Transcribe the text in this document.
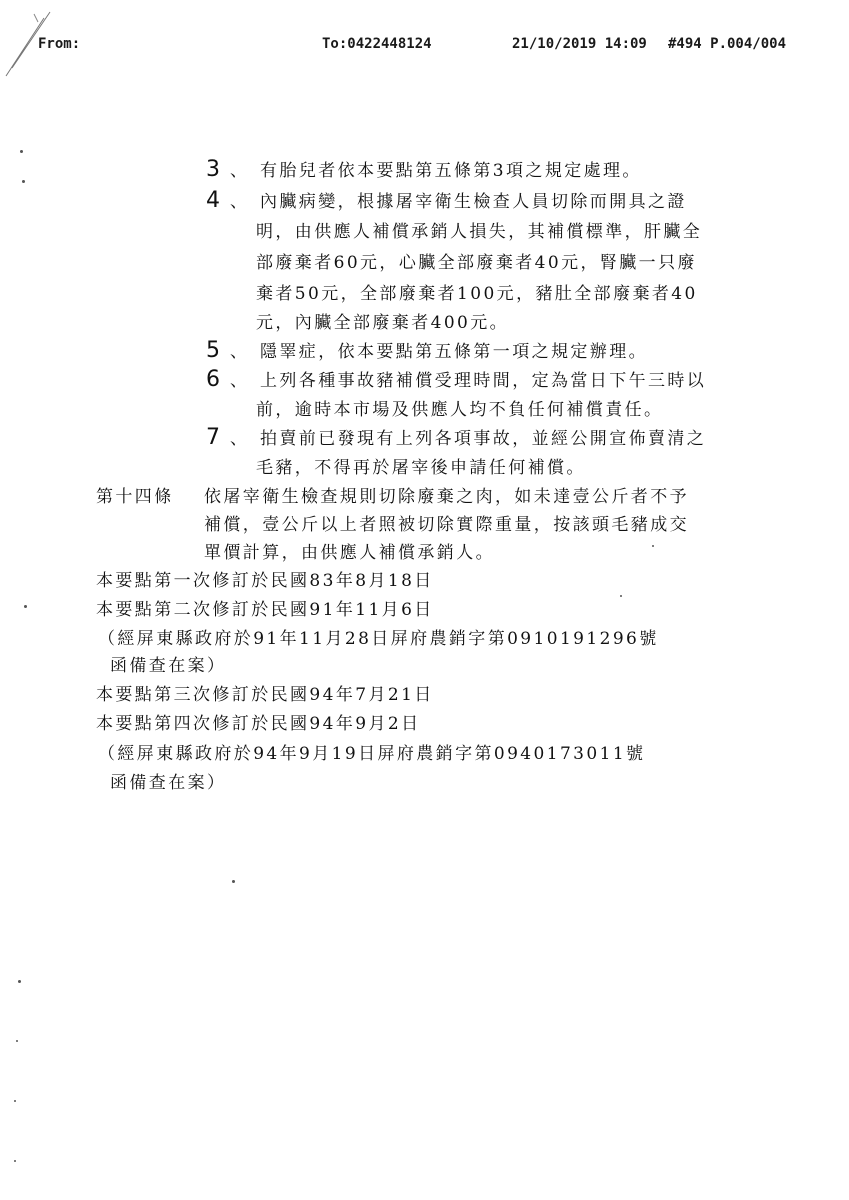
From:	To:0422448124	21/10/2019 14:09 #494 P.004/004
3 、 有胎兒者依本要點第五條第3項之規定處理。
4 、 內臟病變，根據屠宰衛生檢查人員切除而開具之證
明，由供應人補償承銷人損失，其補償標準，肝臟全
部廢棄者60元，心臟全部廢棄者40元，腎臟一只廢
棄者50元，全部廢棄者100元，豬肚全部廢棄者40
元，內臟全部廢棄者400元。
5 、 隱睪症，依本要點第五條第一項之規定辦理。
6 、 上列各種事故豬補償受理時間，定為當日下午三時以
前，逾時本市場及供應人均不負任何補償責任。
7 、 拍賣前已發現有上列各項事故，並經公開宣佈賣清之
毛豬，不得再於屠宰後申請任何補償。
第十四條 依屠宰衛生檢查規則切除廢棄之肉，如未達壹公斤者不予
補償，壹公斤以上者照被切除實際重量，按該頭毛豬成交
單價計算，由供應人補償承銷人。
本要點第一次修訂於民國83年8月18日
本要點第二次修訂於民國91年11月6日
（經屏東縣政府於91年11月28日屏府農銷字第0910191296號
函備查在案）
本要點第三次修訂於民國94年7月21日
本要點第四次修訂於民國94年9月2日
（經屏東縣政府於94年9月19日屏府農銷字第0940173011號
函備查在案）
